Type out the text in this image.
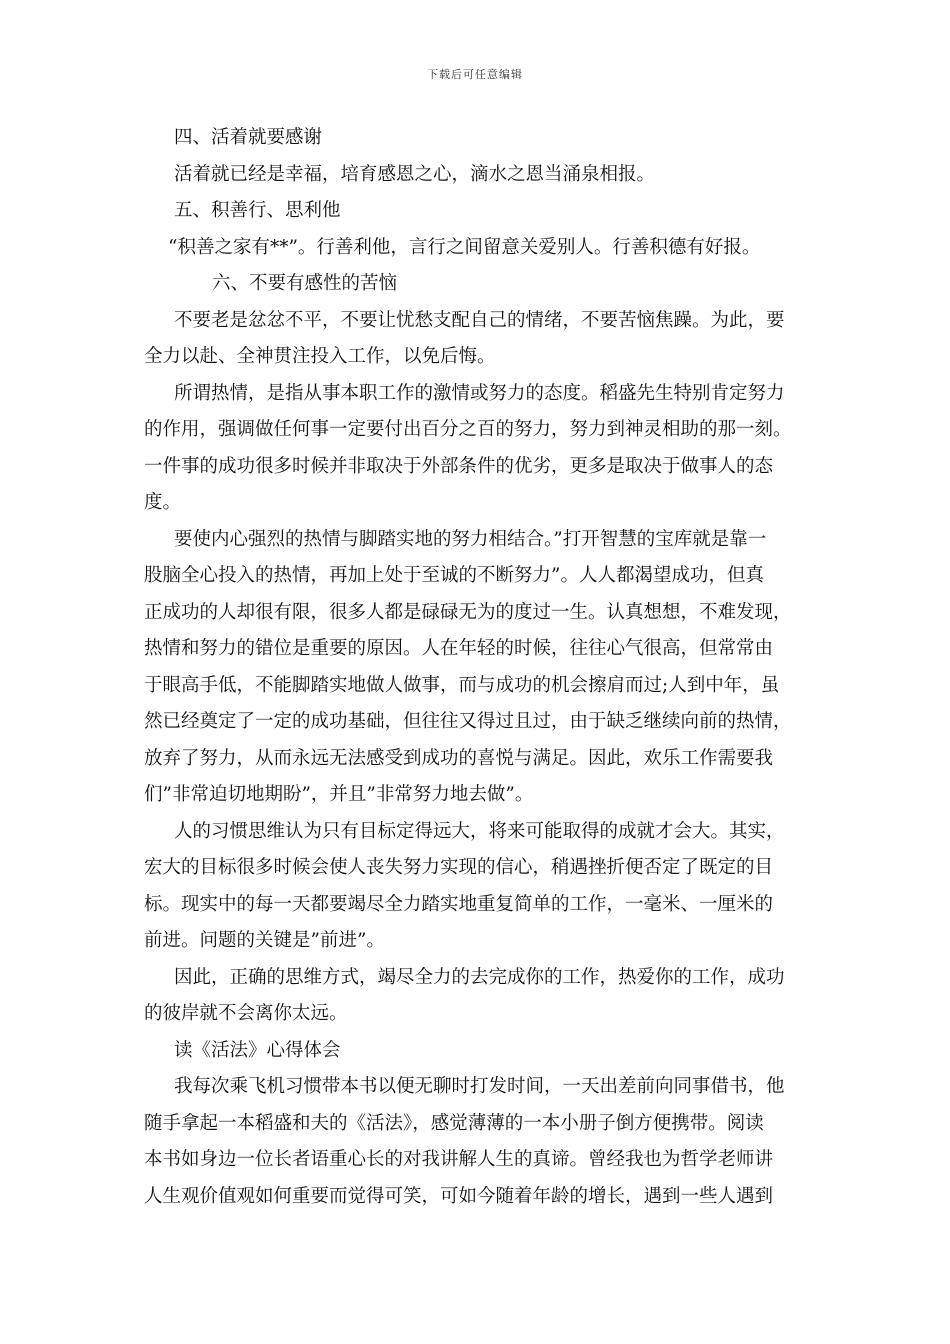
下载后可任意编辑
四、活着就要感谢
活着就已经是幸福，培育感恩之心，滴水之恩当涌泉相报。
五、积善行、思利他
“积善之家有**”。行善利他，言行之间留意关爱别人。行善积德有好报。
六、不要有感性的苦恼
不要老是忿忿不平，不要让忧愁支配自己的情绪，不要苦恼焦躁。为此，要
全力以赴、全神贯注投入工作，以免后悔。
所谓热情，是指从事本职工作的激情或努力的态度。稻盛先生特别肯定努力
的作用，强调做任何事一定要付出百分之百的努力，努力到神灵相助的那一刻。
一件事的成功很多时候并非取决于外部条件的优劣，更多是取决于做事人的态
度。
要使内心强烈的热情与脚踏实地的努力相结合。”打开智慧的宝库就是靠一
股脑全心投入的热情，再加上处于至诚的不断努力”。人人都渴望成功，但真
正成功的人却很有限，很多人都是碌碌无为的度过一生。认真想想，不难发现，
热情和努力的错位是重要的原因。人在年轻的时候，往往心气很高，但常常由
于眼高手低，不能脚踏实地做人做事，而与成功的机会擦肩而过;人到中年，虽
然已经奠定了一定的成功基础，但往往又得过且过，由于缺乏继续向前的热情，
放弃了努力，从而永远无法感受到成功的喜悦与满足。因此，欢乐工作需要我
们”非常迫切地期盼”，并且”非常努力地去做”。
人的习惯思维认为只有目标定得远大，将来可能取得的成就才会大。其实，
宏大的目标很多时候会使人丧失努力实现的信心，稍遇挫折便否定了既定的目
标。现实中的每一天都要竭尽全力踏实地重复简单的工作，一毫米、一厘米的
前进。问题的关键是”前进”。
因此，正确的思维方式，竭尽全力的去完成你的工作，热爱你的工作，成功
的彼岸就不会离你太远。
读《活法》心得体会
我每次乘飞机习惯带本书以便无聊时打发时间，一天出差前向同事借书，他
随手拿起一本稻盛和夫的《活法》，感觉薄薄的一本小册子倒方便携带。阅读
本书如身边一位长者语重心长的对我讲解人生的真谛。曾经我也为哲学老师讲
人生观价值观如何重要而觉得可笑，可如今随着年龄的增长，遇到一些人遇到
